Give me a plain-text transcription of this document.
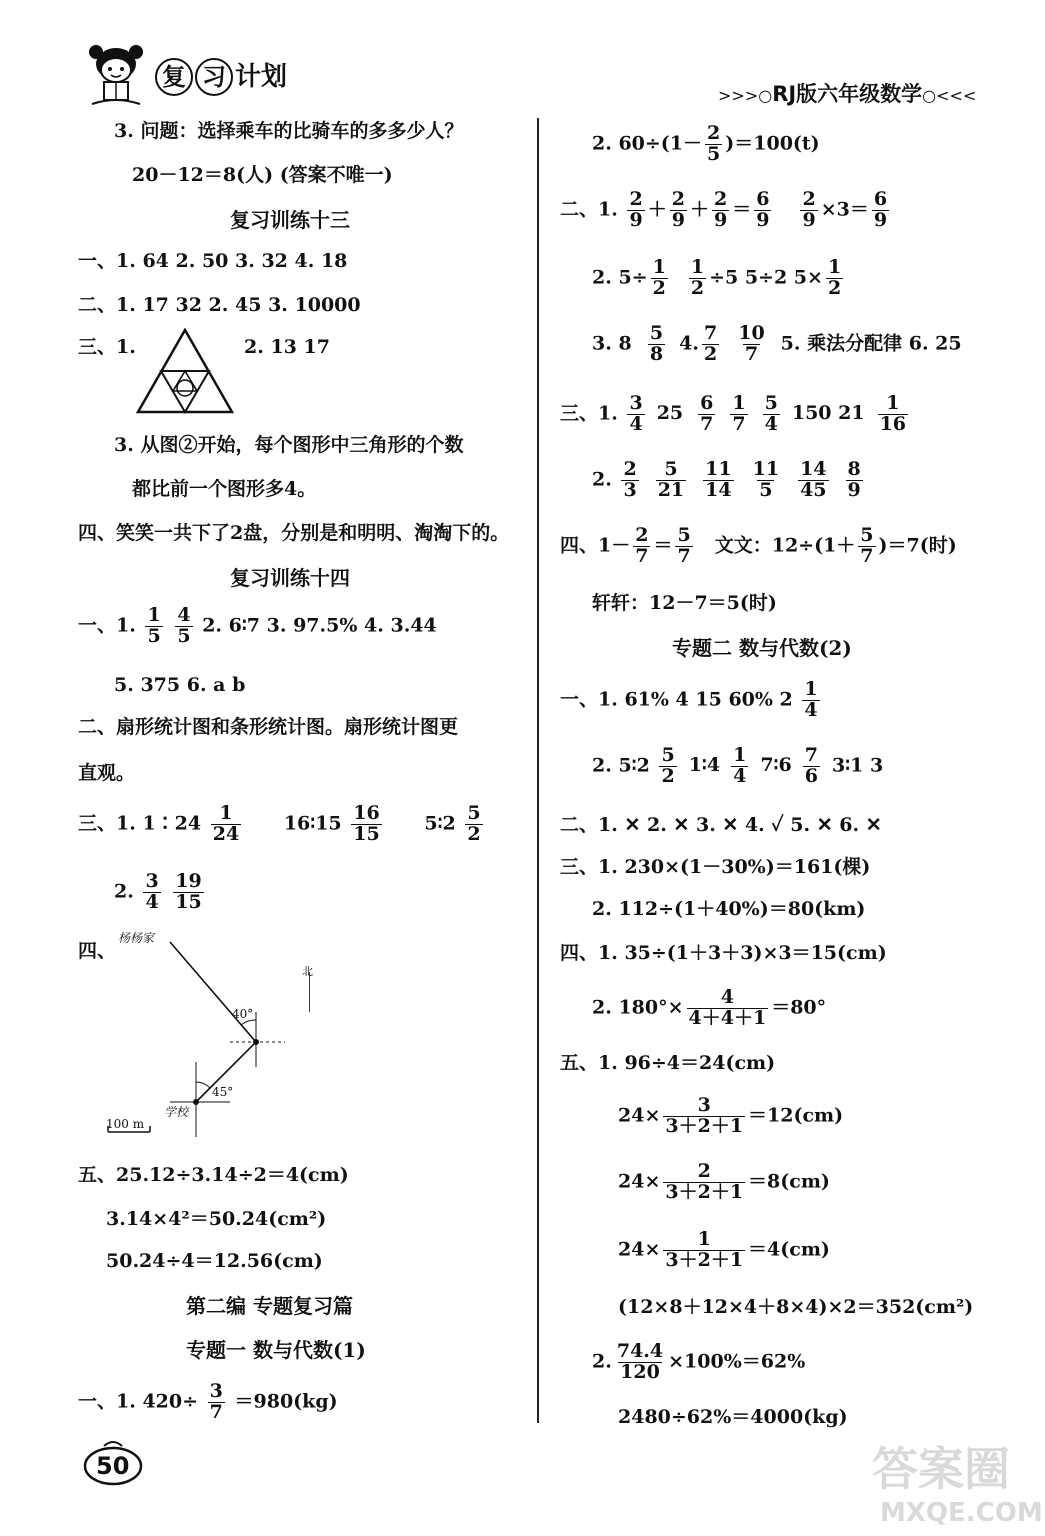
复 习 计划
>>>○RJ版六年级数学○<<<
3. 问题：选择乘车的比骑车的多多少人？
20－12＝8(人) (答案不唯一)
复习训练十三
一、1. 64 2. 50 3. 32 4. 18
二、1. 17 32 2. 45 3. 10000
三、1.	2. 13 17
3. 从图②开始，每个图形中三角形的个数
都比前一个图形多4。
四、笑笑一共下了2盘，分别是和明明、淘淘下的。
复习训练十四
一、1. $\frac{1}{5}$
$\frac{4}{5} 2$. 6∶7 3. 97.5% 4. 3.44
5. 375 6. a b
二、扇形统计图和条形统计图。扇形统计图更
直观。
三、1. 1∶24 $\frac{1}{24}$ 16∶15 $\frac{16}{15}$ 5∶2 $\frac{5}{2}$
2. $\frac{3}{4}$
$\frac{19}{15}$
四、
杨杨家
北
40°
45°
学校
100 m
五、25.12÷3.14÷2＝4(cm)
3.14×4²＝50.24(cm²)
50.24÷4＝12.56(cm)
第二编 专题复习篇
专题一 数与代数(1)
一、1. $420\div \frac{3}{7} =980(kg)$
2. $60\div(1- \frac{2}{5} )=100(t)$
二、1. $\frac{2}{9} + \frac{2}{9} + \frac{2}{9} = \frac{6}{9} \frac{2}{9} \times 3= \frac{6}{9}$
2. $5\div \frac{1}{2} \frac{1}{2} \div 5$ 5÷2 $5\times \frac{1}{2}$
3. $8 \frac{5}{8} 4$. $\frac{7}{2} \frac{10}{7} 5$. 乘法分配律 6. 25
三、1. $\frac{3}{4} 25 \frac{6}{7} \frac{1}{7} \frac{5}{4} 150$ $21 \frac{1}{16}$
2. $\frac{2}{3} \frac{5}{21} \frac{11}{14} \frac{11}{5} \frac{14}{45} \frac{8}{9}$
四、$1- \frac{2}{7} = \frac{5}{7}$ 文文：$12\div(1+ \frac{5}{7} )=7$(时)
轩轩：12－7＝5(时)
专题二 数与代数(2)
一、1. 61% 4 15 60% $2 \frac{1}{4}$
2. 5∶2 $\frac{5}{2}$ 1∶4 $\frac{1}{4}$ 7∶6 $\frac{7}{6}$ 3∶1 3
二、1. ✕ 2. ✕ 3. ✕ 4. ✓ 5. ✕ 6. ✕
三、1. 230×(1－30%)＝161(棵)
2. 112÷(1＋40%)＝80(km)
四、1. 35÷(1＋3＋3)×3＝15(cm)
2. $180^\circ\times \frac{4}{4+4+1} =80^\circ$
五、1. 96÷4＝24(cm)
$24\times \frac{3}{3+2+1} =12(cm)$
$24\times \frac{2}{3+2+1} =8(cm)$
$24\times \frac{1}{3+2+1} =4(cm)$
(12×8＋12×4＋8×4)×2＝352(cm²)
2. $\frac{74.4}{120} \times 100\%=62\%$
2480÷62%＝4000(kg)
50	答案圈
MXQE.COM
